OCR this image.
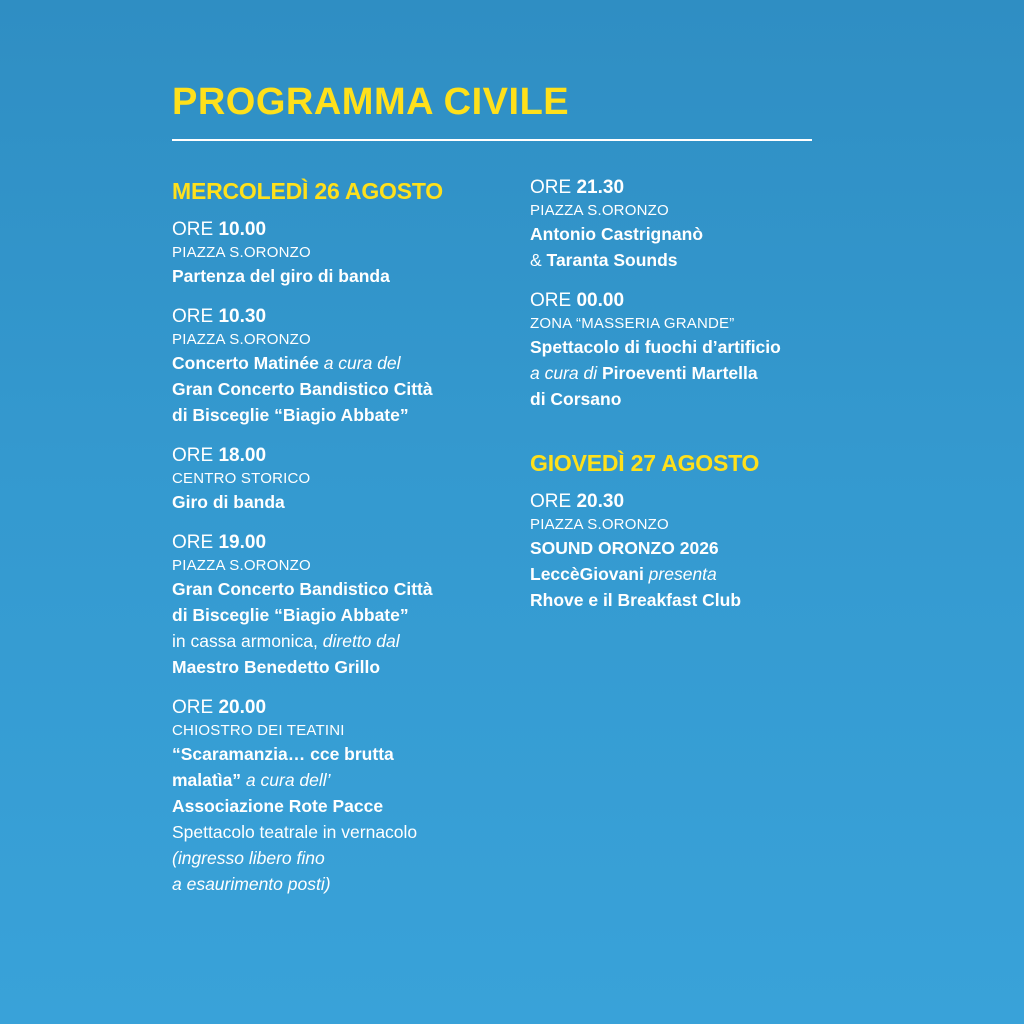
PROGRAMMA CIVILE
MERCOLEDÌ 26 AGOSTO
ORE 10.00
PIAZZA S.ORONZO
Partenza del giro di banda
ORE 10.30
PIAZZA S.ORONZO
Concerto Matinée a cura del
Gran Concerto Bandistico Città
di Bisceglie “Biagio Abbate”
ORE 18.00
CENTRO STORICO
Giro di banda
ORE 19.00
PIAZZA S.ORONZO
Gran Concerto Bandistico Città
di Bisceglie “Biagio Abbate”
in cassa armonica, diretto dal
Maestro Benedetto Grillo
ORE 20.00
CHIOSTRO DEI TEATINI
“Scaramanzia… cce brutta
malatìa” a cura dell’
Associazione Rote Pacce
Spettacolo teatrale in vernacolo
(ingresso libero fino
a esaurimento posti)
ORE 21.30
PIAZZA S.ORONZO
Antonio Castrignanò
& Taranta Sounds
ORE 00.00
ZONA “MASSERIA GRANDE”
Spettacolo di fuochi d’artificio
a cura di Piroeventi Martella
di Corsano
GIOVEDÌ 27 AGOSTO
ORE 20.30
PIAZZA S.ORONZO
SOUND ORONZO 2026
LeccèGiovani presenta
Rhove e il Breakfast Club
